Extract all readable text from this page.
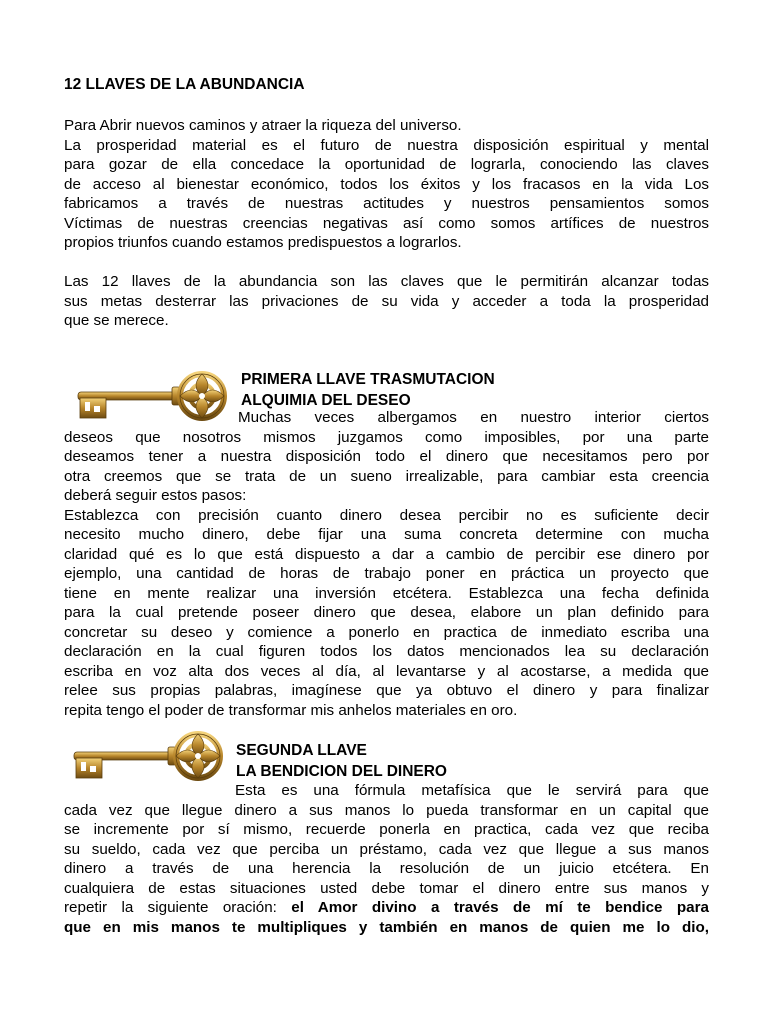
12 LLAVES DE LA ABUNDANCIA
Para Abrir nuevos caminos y atraer la riqueza del universo.
La prosperidad material es el futuro de nuestra disposición espiritual y mental
para gozar de ella concedace la oportunidad de lograrla, conociendo las claves
de acceso al bienestar económico, todos los éxitos y los fracasos en la vida Los
fabricamos a través de nuestras actitudes y nuestros pensamientos somos
Víctimas de nuestras creencias negativas así como somos artífices de nuestros
propios triunfos cuando estamos predispuestos a lograrlos.
Las 12 llaves de la abundancia son las claves que le permitirán alcanzar todas
sus metas desterrar las privaciones de su vida y acceder a toda la prosperidad
que se merece.
PRIMERA LLAVE TRASMUTACION
ALQUIMIA DEL DESEO
Muchas veces albergamos en nuestro interior ciertos
deseos que nosotros mismos juzgamos como imposibles, por una parte
deseamos tener a nuestra disposición todo el dinero que necesitamos pero por
otra creemos que se trata de un sueno irrealizable, para cambiar esta creencia
deberá seguir estos pasos:
Establezca con precisión cuanto dinero desea percibir no es suficiente decir
necesito mucho dinero, debe fijar una suma concreta determine con mucha
claridad qué es lo que está dispuesto a dar a cambio de percibir ese dinero por
ejemplo, una cantidad de horas de trabajo poner en práctica un proyecto que
tiene en mente realizar una inversión etcétera. Establezca una fecha definida
para la cual pretende poseer dinero que desea, elabore un plan definido para
concretar su deseo y comience a ponerlo en practica de inmediato escriba una
declaración en la cual figuren todos los datos mencionados lea su declaración
escriba en voz alta dos veces al día, al levantarse y al acostarse, a medida que
relee sus propias palabras, imagínese que ya obtuvo el dinero y para finalizar
repita tengo el poder de transformar mis anhelos materiales en oro.
SEGUNDA LLAVE
LA BENDICION DEL DINERO
Esta es una fórmula metafísica que le servirá para que
cada vez que llegue dinero a sus manos lo pueda transformar en un capital que
se incremente por sí mismo, recuerde ponerla en practica, cada vez que reciba
su sueldo, cada vez que perciba un préstamo, cada vez que llegue a sus manos
dinero a través de una herencia la resolución de un juicio etcétera. En
cualquiera de estas situaciones usted debe tomar el dinero entre sus manos y
repetir la siguiente oración: el Amor divino a través de mí te bendice para
que en mis manos te multipliques y también en manos de quien me lo dio,
